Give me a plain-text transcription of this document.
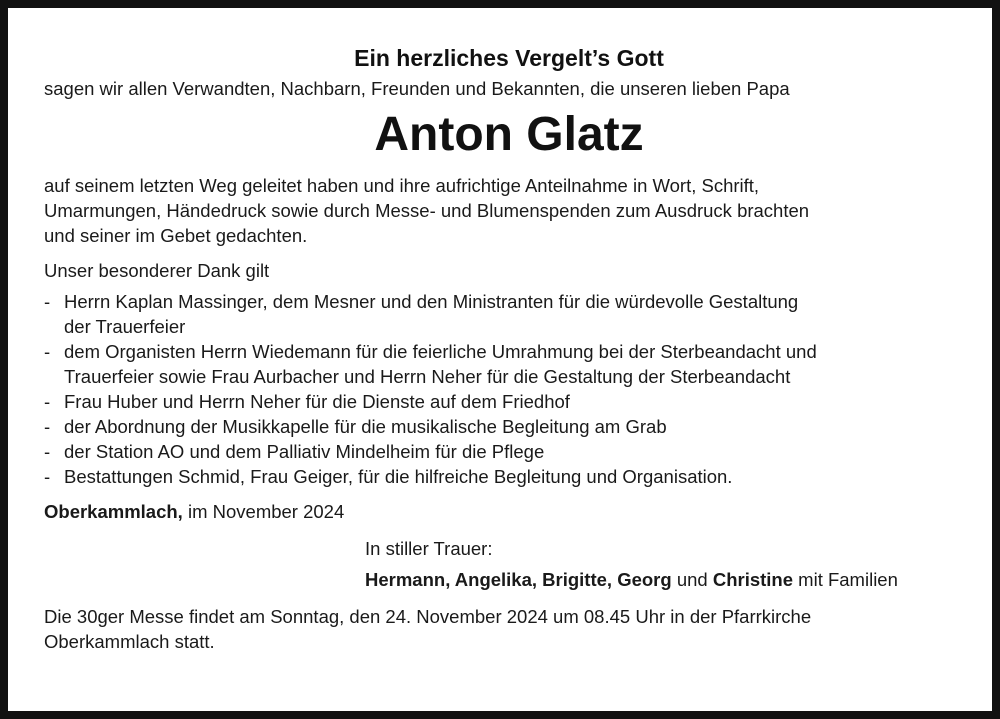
Ein herzliches Vergelt’s Gott

sagen wir allen Verwandten, Nachbarn, Freunden und Bekannten, die unseren lieben Papa

Anton Glatz

auf seinem letzten Weg geleitet haben und ihre aufrichtige Anteilnahme in Wort, Schrift,

Umarmungen, Händedruck sowie durch Messe- und Blumenspenden zum Ausdruck brachten

und seiner im Gebet gedachten.

Unser besonderer Dank gilt

- Herrn Kaplan Massinger, dem Mesner und den Ministranten für die würdevolle Gestaltung
der Trauerfeier
- dem Organisten Herrn Wiedemann für die feierliche Umrahmung bei der Sterbeandacht und
Trauerfeier sowie Frau Aurbacher und Herrn Neher für die Gestaltung der Sterbeandacht
- Frau Huber und Herrn Neher für die Dienste auf dem Friedhof
- der Abordnung der Musikkapelle für die musikalische Begleitung am Grab
- der Station AO und dem Palliativ Mindelheim für die Pflege
- Bestattungen Schmid, Frau Geiger, für die hilfreiche Begleitung und Organisation.

Oberkammlach, im November 2024

In stiller Trauer:

Hermann, Angelika, Brigitte, Georg und Christine mit Familien

Die 30ger Messe findet am Sonntag, den 24. November 2024 um 08.45 Uhr in der Pfarrkirche

Oberkammlach statt.
